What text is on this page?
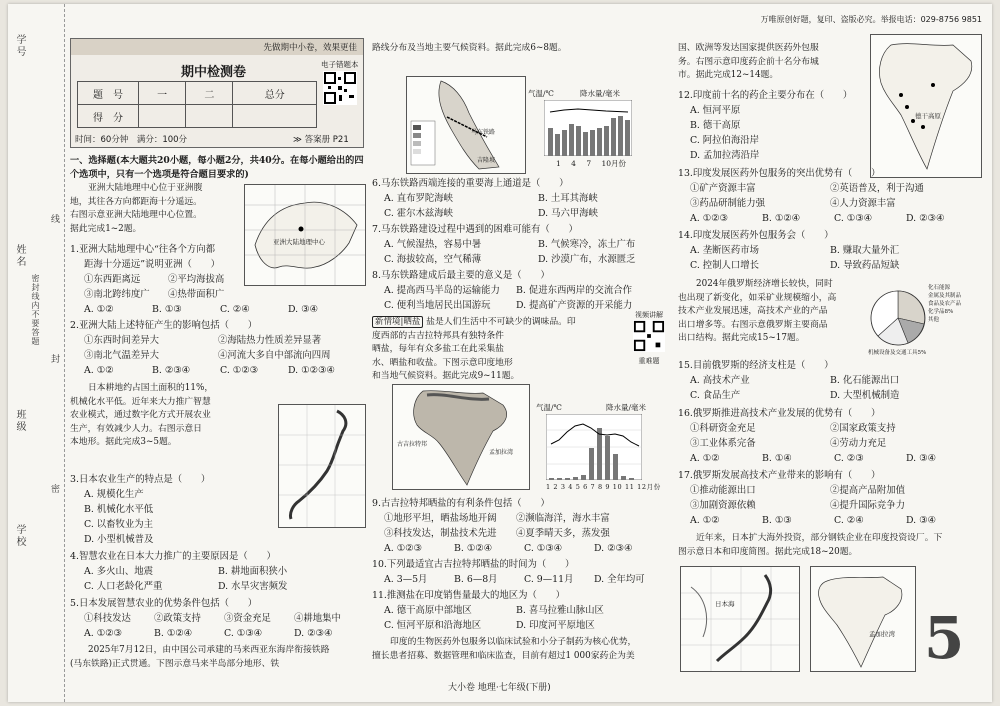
姓名
班级
学校
密封线内不要答题
线
封
密
学号	先做期中小卷，效果更佳
期中检测卷
题　号	一	二	总分
得　分			
电子错题本
时间：60分钟　满分：100分	≫ 答案册 P21
一、选择题(本大题共20小题，每小题2分，共40分。在每小题给出的四个选项中，只有一个选项是符合题目要求的)
亚洲大陆地理中心位于亚洲腹
地，其往各方向都距海十分遥远。
右图示意亚洲大陆地理中心位置。
据此完成1~2题。
亚洲大陆地理中心
1.亚洲大陆地理中心“往各个方向都
距海十分遥远”说明亚洲（　　）
①东西距离远	②平均海拔高
③南北跨纬度广 ④热带面积广
A. ①②	B. ①③	C. ②④	D. ③④
2.亚洲大陆上述特征产生的影响包括（　　）
①东西时间差异大	②海陆热力性质差异显著
③南北气温差异大	④河流大多自中部流向四周
A. ①②	B. ②③④	C. ①②③	D. ①②③④
日本耕地约占国土面积的11%，
机械化水平低。近年来大力推广智慧
农业模式，通过数字化方式开展农业
生产，有效减少人力。右图示意日
本地形。据此完成3~5题。
3.日本农业生产的特点是（　　）
A. 规模化生产
B. 机械化水平低
C. 以畜牧业为主
D. 小型机械普及
4.智慧农业在日本大力推广的主要原因是（　　）
A. 多火山、地震	B. 耕地面积狭小
C. 人口老龄化严重	D. 水旱灾害频发
5.日本发展智慧农业的优势条件包括（　　）
①科技发达 ②政策支持 ③资金充足 ④耕地集中
A. ①②③	B. ①②④	C. ①③④	D. ②③④
2025年7月12日，由中国公司承建的马来西亚东海岸衔接铁路
(马东铁路)正式贯通。下图示意马来半岛部分地形、铁
路线分布及当地主要气候资料。据此完成6~8题。
马东铁路
吉隆坡
气温/℃	降水量/毫米
1 4 7 10月份
6.马东铁路西端连接的重要海上通道是（　　）
A. 直布罗陀海峡	B. 土耳其海峡
C. 霍尔木兹海峡	D. 马六甲海峡
7.马东铁路建设过程中遇到的困难可能有（　　）
A. 气候湿热，容易中暑	B. 气候寒冷，冻土广布
C. 海拔较高，空气稀薄	D. 沙漠广布，水源匮乏
8.马东铁路建成后最主要的意义是（　　）
A. 提高西马半岛的运输能力 B. 促进东西两岸的交流合作
C. 便利当地居民出国游玩	D. 提高矿产资源的开采能力
新情境|晒盐 盐是人们生活中不可缺少的调味品。印
度西部的古吉拉特邦具有独特条件
晒盐，每年有众多盐工在此采集盐
水、晒盐和收盐。下图示意印度地形
和当地气候资料。据此完成9~11题。
视频讲解
重难题
古吉拉特邦
孟加拉湾
气温/℃	降水量/毫米
1 2 3 4 5 6 7 8 9 10 11 12月份
9.古吉拉特邦晒盐的有利条件包括（　　）
①地形平坦，晒盐场地开阔 ②濒临海洋，海水丰富
③科技发达，制盐技术先进 ④夏季晴天多，蒸发强
A. ①②③	B. ①②④	C. ①③④	D. ②③④
10.下列最适宜古吉拉特邦晒盐的时间为（　　）
A. 3—5月	B. 6—8月	C. 9—11月 D. 全年均可
11.推测盐在印度销售量最大的地区为（　　）
A. 德干高原中部地区	B. 喜马拉雅山脉山区
C. 恒河平原和沿海地区	D. 印度河平原地区
印度的生物医药外包服务以临床试验和小分子制药为核心优势，
擅长患者招募、数据管理和临床监查，目前有超过1 000家药企为美
大小卷 地理·七年级(下册)
万唯原创好题，复印、盗版必究。举报电话：029-8756 9851
国、欧洲等发达国家提供医药外包服
务。右图示意印度药企前十名分布城
市。据此完成12~14题。
德干高原
12.印度前十名的药企主要分布在（　　）
A. 恒河平原
B. 德干高原
C. 阿拉伯海沿岸
D. 孟加拉湾沿岸
13.印度发展医药外包服务的突出优势有（　　）
①矿产资源丰富	②英语普及，利于沟通
③药品研制能力强	④人力资源丰富
A. ①②③	B. ①②④	C. ①③④	D. ②③④
14.印度发展医药外包服务会（　　）
A. 垄断医药市场	B. 赚取大量外汇
C. 控制人口增长	D. 导致药品短缺
2024年俄罗斯经济增长较快，同时
也出现了新变化，如采矿业规模缩小，高
技术产业发展迅速，高技术产业的产品
出口增多等。右图示意俄罗斯主要商品
出口结构。据此完成15~17题。
化石能源
金属及其制品
食品及农产品
化学品8%
其他
机械设备及交通工具5%
15.目前俄罗斯的经济支柱是（　　）
A. 高技术产业	B. 化石能源出口
C. 食品生产	D. 大型机械制造
16.俄罗斯推进高技术产业发展的优势有（　　）
①科研资金充足	②国家政策支持
③工业体系完备	④劳动力充足
A. ①②	B. ①④	C. ②③	D. ③④
17.俄罗斯发展高技术产业带来的影响有（　　）
①推动能源出口	②提高产品附加值
③加剧资源依赖	④提升国际竞争力
A. ①②	B. ①③	C. ②④	D. ③④
近年来，日本扩大海外投资，部分钢铁企业在印度投资设厂。下
图示意日本和印度简图。据此完成18~20题。
日本海
孟加拉湾 5
